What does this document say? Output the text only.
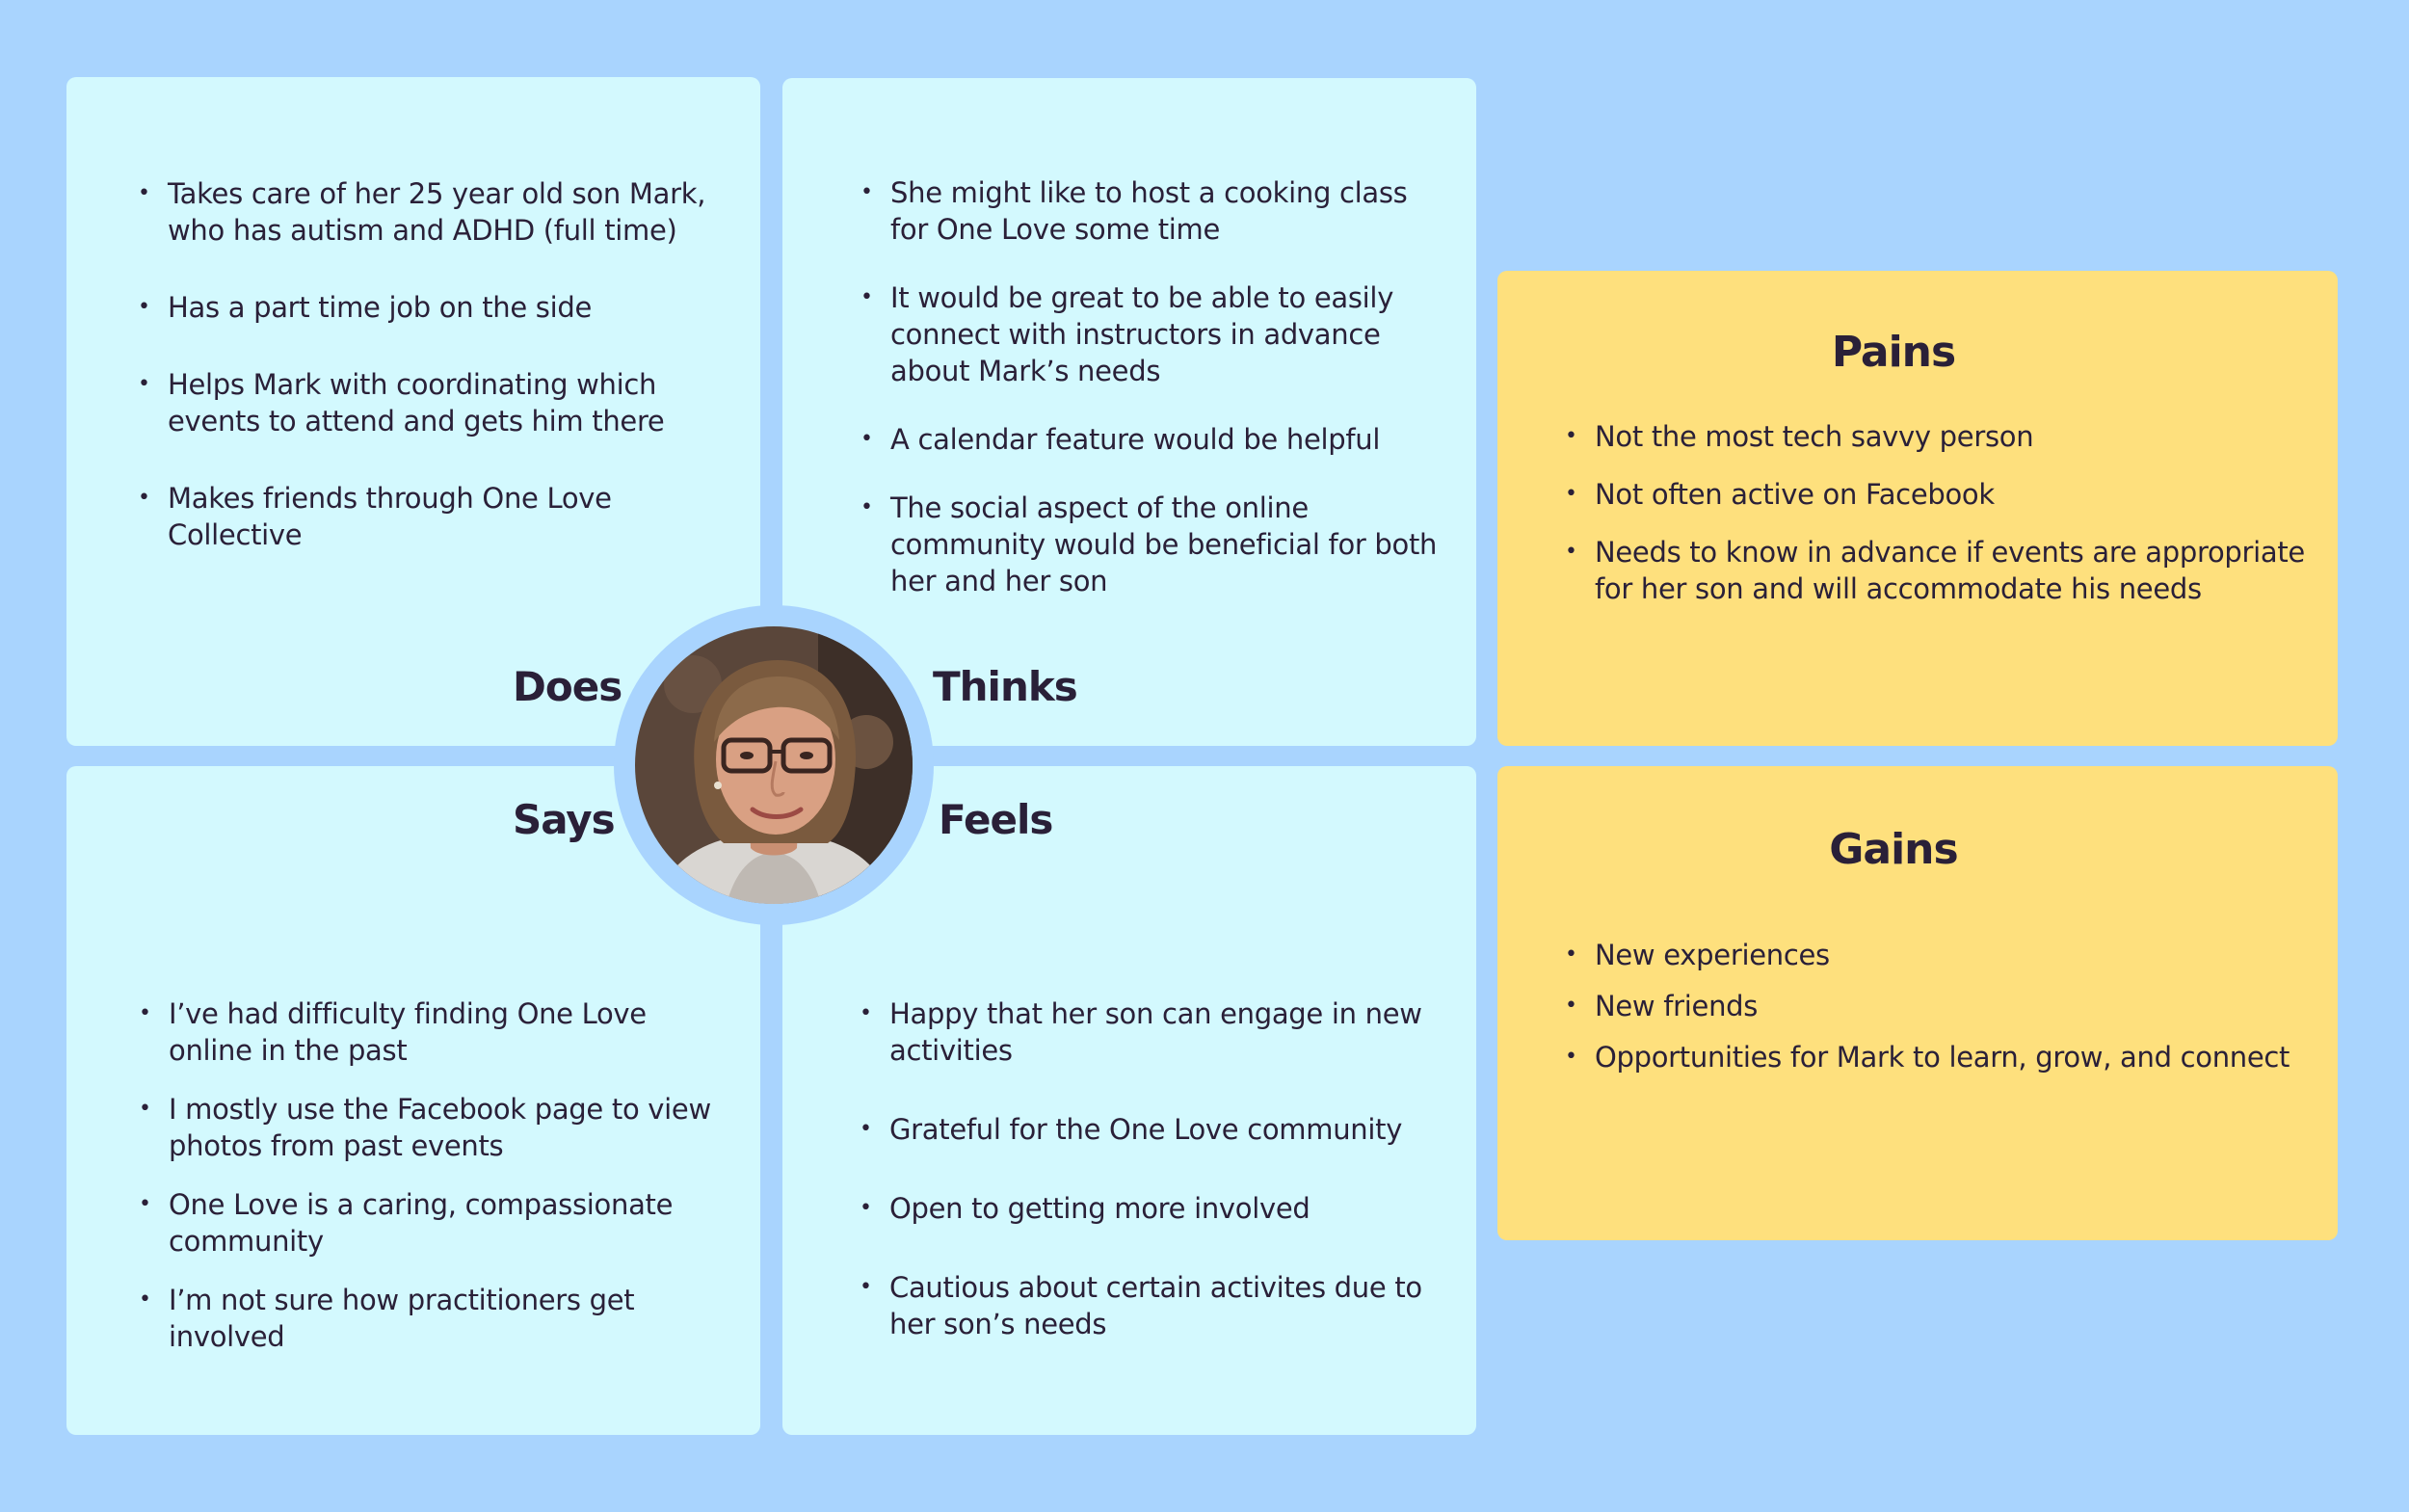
• Takes care of her 25 year old son Mark, who has autism and ADHD (full time)
• Has a part time job on the side
• Helps Mark with coordinating which events to attend and gets him there
• Makes friends through One Love Collective
• She might like to host a cooking class for One Love some time
• It would be great to be able to easily connect with instructors in advance about Mark’s needs
• A calendar feature would be helpful
• The social aspect of the online community would be beneficial for both her and her son
• I’ve had difficulty finding One Love online in the past
• I mostly use the Facebook page to view photos from past events
• One Love is a caring, compassionate community
• I’m not sure how practitioners get involved
• Happy that her son can engage in new activities
• Grateful for the One Love community
• Open to getting more involved
• Cautious about certain activites due to her son’s needs
Pains
• Not the most tech savvy person
• Not often active on Facebook
• Needs to know in advance if events are appropriate for her son and will accommodate his needs
Gains
• New experiences
• New friends
• Opportunities for Mark to learn, grow, and connect
Does	Thinks
Says	Feels
